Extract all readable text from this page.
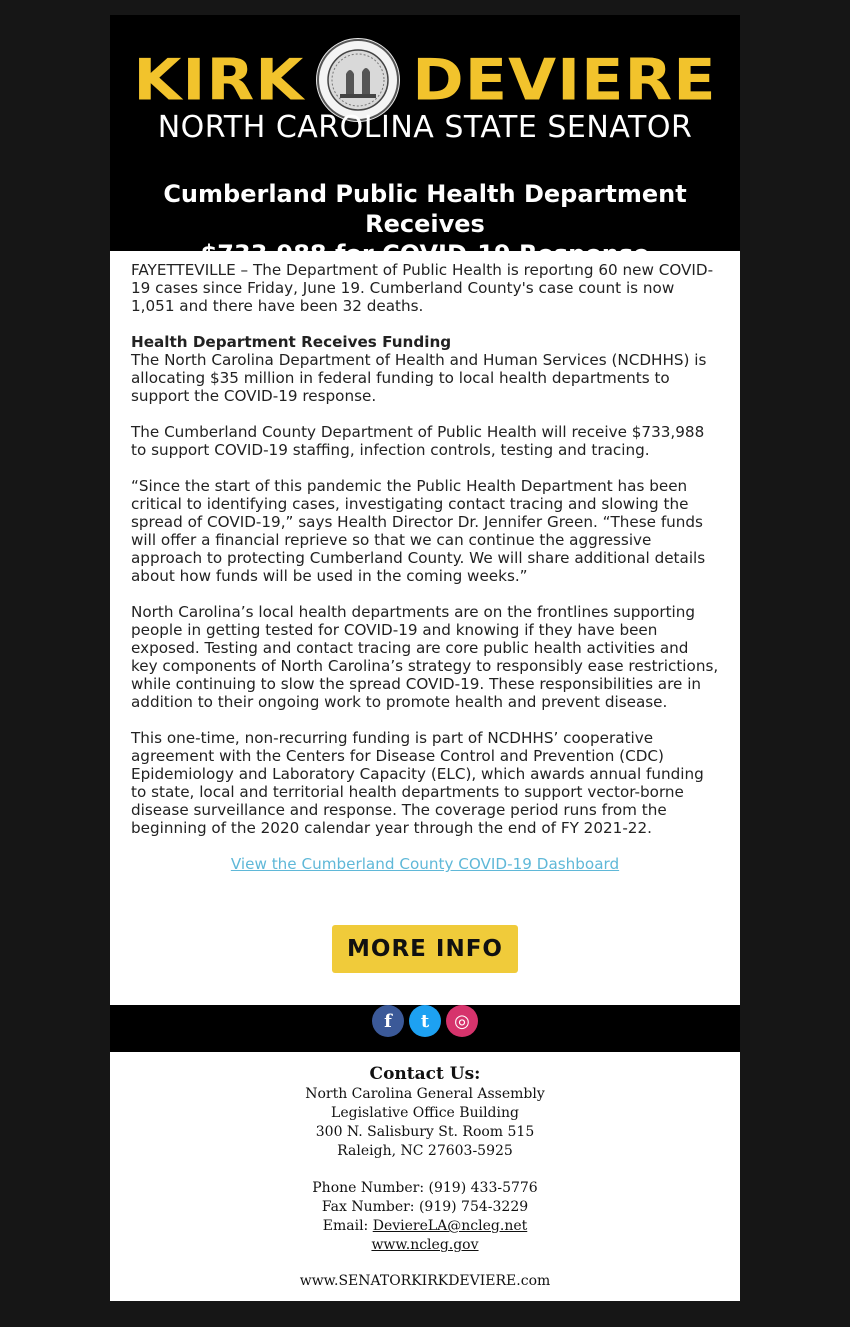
KIRK DEVIERE
NORTH CAROLINA STATE SENATOR
Cumberland Public Health Department Receives
$733,988 for COVID-19 Response

FAYETTEVILLE – The Department of Public Health is reporting 60 new COVID-19 cases since Friday, June 19. Cumberland County's case count is now 1,051 and there have been 32 deaths.

Health Department Receives Funding

The North Carolina Department of Health and Human Services (NCDHHS) is allocating $35 million in federal funding to local health departments to support the COVID-19 response.

The Cumberland County Department of Public Health will receive $733,988 to support COVID-19 staffing, infection controls, testing and tracing.

“Since the start of this pandemic the Public Health Department has been critical to identifying cases, investigating contact tracing and slowing the spread of COVID-19,” says Health Director Dr. Jennifer Green. “These funds will offer a financial reprieve so that we can continue the aggressive approach to protecting Cumberland County. We will share additional details about how funds will be used in the coming weeks.”

North Carolina’s local health departments are on the frontlines supporting people in getting tested for COVID-19 and knowing if they have been exposed. Testing and contact tracing are core public health activities and key components of North Carolina’s strategy to responsibly ease restrictions, while continuing to slow the spread COVID-19. These responsibilities are in addition to their ongoing work to promote health and prevent disease.

This one-time, non-recurring funding is part of NCDHHS’ cooperative agreement with the Centers for Disease Control and Prevention (CDC) Epidemiology and Laboratory Capacity (ELC), which awards annual funding to state, local and territorial health departments to support vector-borne disease surveillance and response. The coverage period runs from the beginning of the 2020 calendar year through the end of FY 2021-22.

View the Cumberland County COVID-19 Dashboard
MORE INFO
f	t	◎
Contact Us:
North Carolina General Assembly
Legislative Office Building
300 N. Salisbury St. Room 515
Raleigh, NC 27603-5925
Phone Number: (919) 433-5776
Fax Number: (919) 754-3229
Email: DeviereLA@ncleg.net
www.ncleg.gov
www.SENATORKIRKDEVIERE.com
